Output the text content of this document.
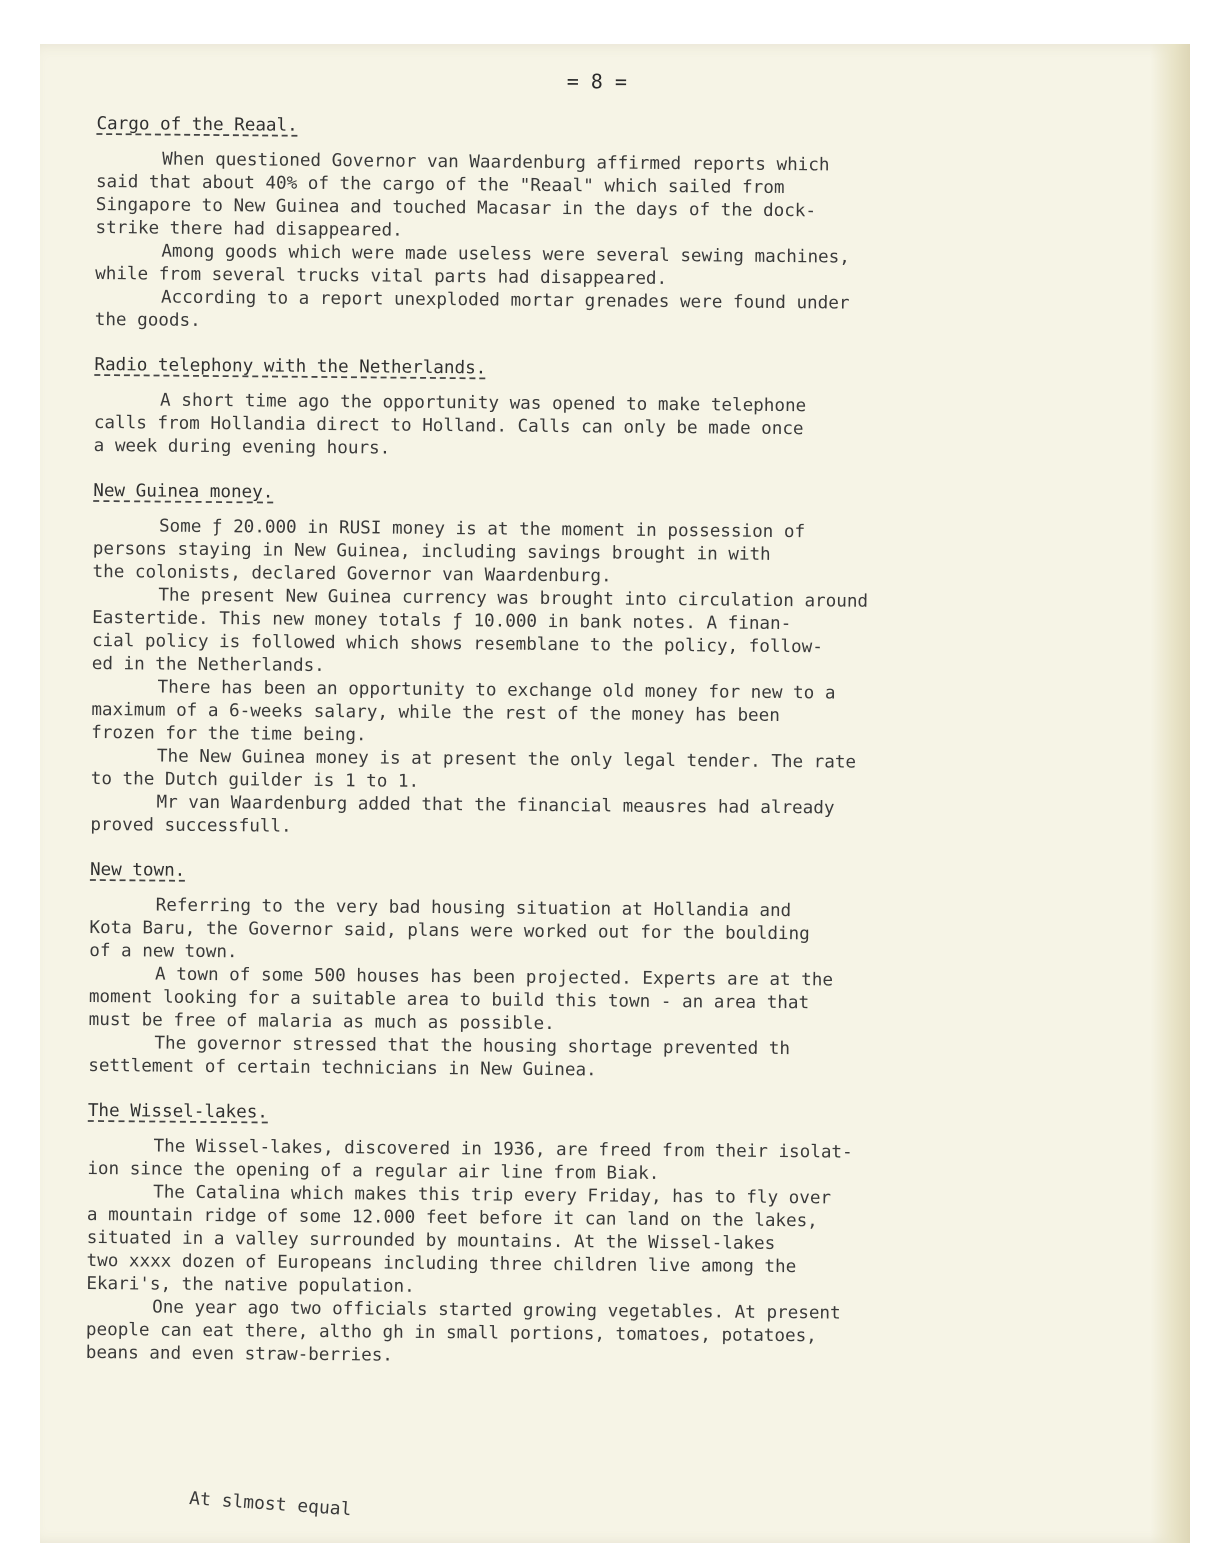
= 8 =
Cargo of the Reaal.

When questioned Governor van Waardenburg affirmed reports which
said that about 40% of the cargo of the "Reaal" which sailed from
Singapore to New Guinea and touched Macasar in the days of the dock-
strike there had disappeared.

Among goods which were made useless were several sewing machines,
while from several trucks vital parts had disappeared.

According to a report unexploded mortar grenades were found under
the goods.

Radio telephony with the Netherlands.

A short time ago the opportunity was opened to make telephone
calls from Hollandia direct to Holland. Calls can only be made once
a week during evening hours.

New Guinea money.

Some ƒ 20.000 in RUSI money is at the moment in possession of
persons staying in New Guinea, including savings brought in with
the colonists, declared Governor van Waardenburg.

The present New Guinea currency was brought into circulation around
Eastertide. This new money totals ƒ 10.000 in bank notes. A finan-
cial policy is followed which shows resemblane to the policy, follow-
ed in the Netherlands.

There has been an opportunity to exchange old money for new to a
maximum of a 6-weeks salary, while the rest of the money has been
frozen for the time being.

The New Guinea money is at present the only legal tender. The rate
to the Dutch guilder is 1 to 1.

Mr van Waardenburg added that the financial meausres had already
proved successfull.

New town.

Referring to the very bad housing situation at Hollandia and
Kota Baru, the Governor said, plans were worked out for the boulding
of a new town.

A town of some 500 houses has been projected. Experts are at the
moment looking for a suitable area to build this town - an area that
must be free of malaria as much as possible.

The governor stressed that the housing shortage prevented th
settlement of certain technicians in New Guinea.

The Wissel-lakes.

The Wissel-lakes, discovered in 1936, are freed from their isolat-
ion since the opening of a regular air line from Biak.

The Catalina which makes this trip every Friday, has to fly over
a mountain ridge of some 12.000 feet before it can land on the lakes,
situated in a valley surrounded by mountains. At the Wissel-lakes
two xxxx dozen of Europeans including three children live among the
Ekari's, the native population.

One year ago two officials started growing vegetables. At present
people can eat there, altho gh in small portions, tomatoes, potatoes,
beans and even straw-berries.

At slmost equal
